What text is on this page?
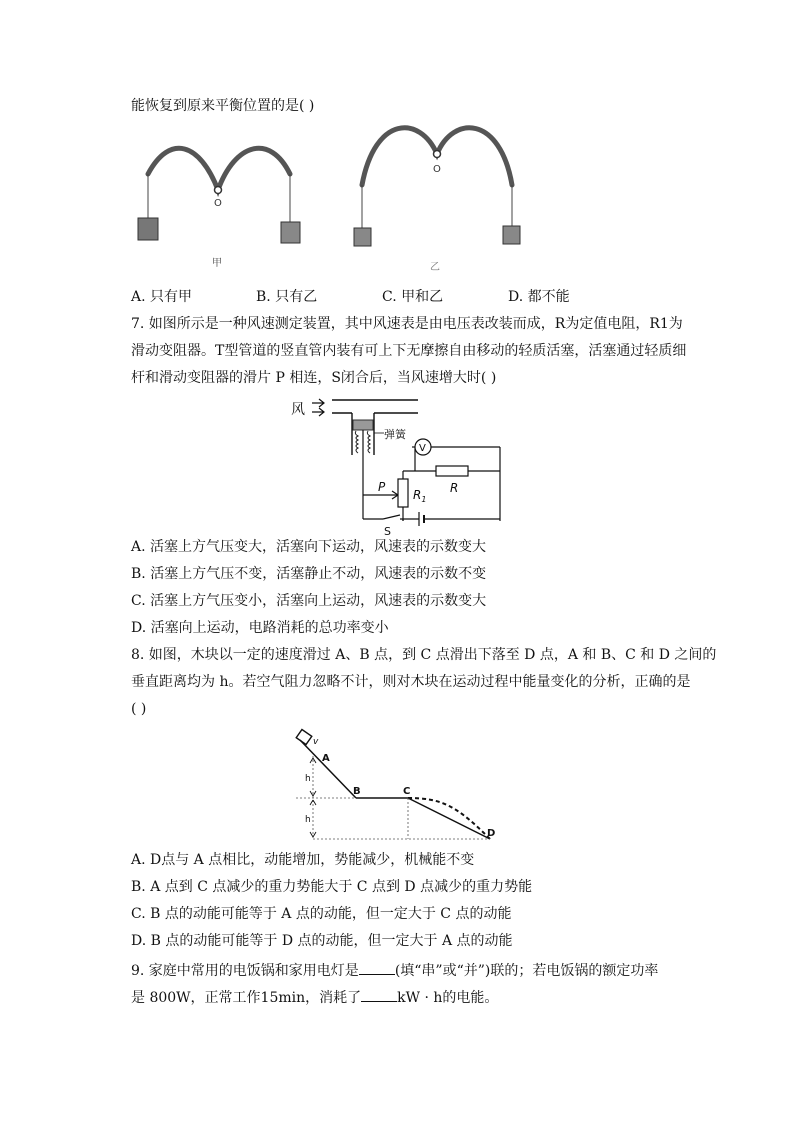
能恢复到原来平衡位置的是( )
O
甲
O
乙
A. 只有甲	B. 只有乙	C. 甲和乙	D. 都不能
7. 如图所示是一种风速测定装置，其中风速表是由电压表改装而成，R为定值电阻，R1为
滑动变阻器。T型管道的竖直管内装有可上下无摩擦自由移动的轻质活塞，活塞通过轻质细
杆和滑动变阻器的滑片 P 相连，S闭合后，当风速增大时( )
风
弹簧
P
$R_1$
V
R
S
A. 活塞上方气压变大，活塞向下运动，风速表的示数变大
B. 活塞上方气压不变，活塞静止不动，风速表的示数不变
C. 活塞上方气压变小，活塞向上运动，风速表的示数变大
D. 活塞向上运动，电路消耗的总功率变小
8. 如图，木块以一定的速度滑过 A、B 点，到 C 点滑出下落至 D 点，A 和 B、C 和 D 之间的
垂直距离均为 h。若空气阻力忽略不计，则对木块在运动过程中能量变化的分析，正确的是
( )
v
h
h
A
B	C
D
A. D点与 A 点相比，动能增加，势能减少，机械能不变
B. A 点到 C 点减少的重力势能大于 C 点到 D 点减少的重力势能
C. B 点的动能可能等于 A 点的动能，但一定大于 C 点的动能
D. B 点的动能可能等于 D 点的动能，但一定大于 A 点的动能
9. 家庭中常用的电饭锅和家用电灯是	(填“串”或“并”)联的；若电饭锅的额定功率
是 800W，正常工作15min，消耗了	kW · h的电能。
